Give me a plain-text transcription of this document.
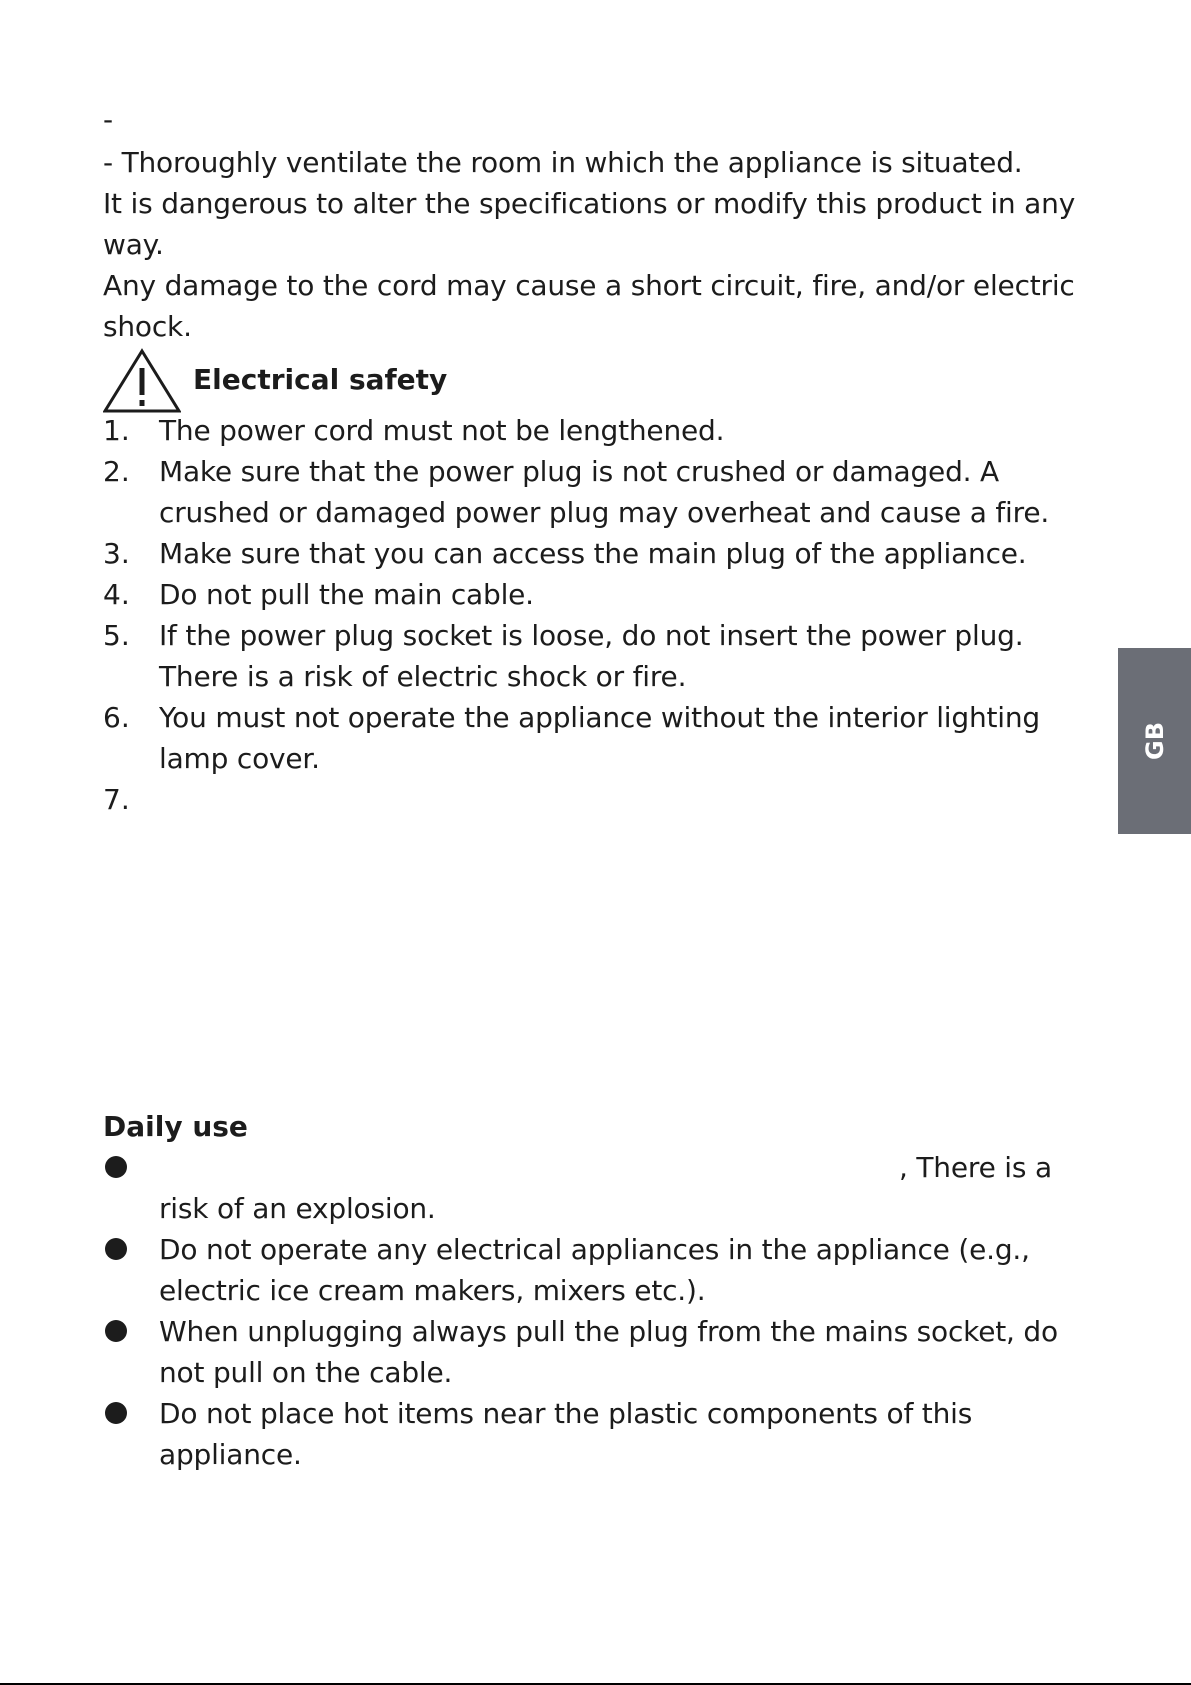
-
- Thoroughly ventilate the room in which the appliance is situated.
It is dangerous to alter the specifications or modify this product in any
way.
Any damage to the cord may cause a short circuit, fire, and/or electric
shock.
Electrical safety
1. The power cord must not be lengthened.
2. Make sure that the power plug is not crushed or damaged. A
crushed or damaged power plug may overheat and cause a fire.
3. Make sure that you can access the main plug of the appliance.
4. Do not pull the main cable.
5. If the power plug socket is loose, do not insert the power plug.
There is a risk of electric shock or fire.
6. You must not operate the appliance without the interior lighting
lamp cover.
7.
Daily use
, There is a
risk of an explosion.
Do not operate any electrical appliances in the appliance (e.g.,
electric ice cream makers, mixers etc.).
When unplugging always pull the plug from the mains socket, do
not pull on the cable.
Do not place hot items near the plastic components of this
appliance.
GB
